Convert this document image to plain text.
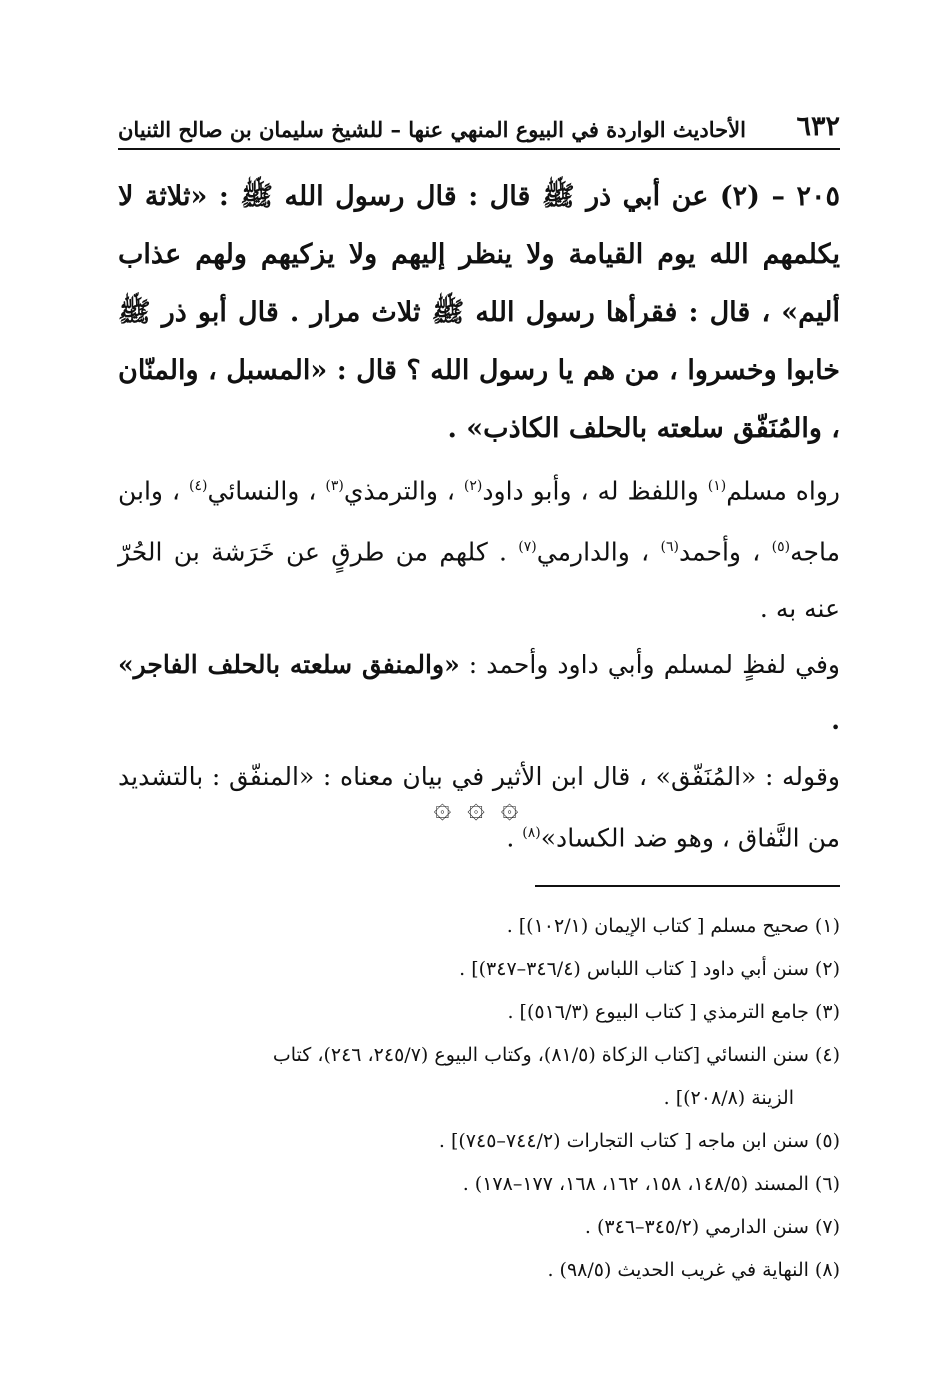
٦٣٢
الأحاديث الواردة في البيوع المنهي عنها – للشيخ سليمان بن صالح الثنيان

٢٠٥ – (٢) عن أبي ذر ﷺ قال : قال رسول الله ﷺ : «ثلاثة لا يكلمهم الله يوم القيامة ولا ينظر إليهم ولا يزكيهم ولهم عذاب أليم» ، قال : فقرأها رسول الله ﷺ ثلاث مرار . قال أبو ذر ﷺ خابوا وخسروا ، من هم يا رسول الله ؟ قال : «المسبل ، والمنّان ، والمُنَفّق سلعته بالحلف الكاذب» .

رواه مسلم$^{(١)}$ واللفظ له ، وأبو داود$^{(٢)}$ ، والترمذي$^{(٣)}$ ، والنسائي$^{(٤)}$ ، وابن ماجه$^{(٥)}$ ، وأحمد$^{(٦)}$ ، والدارمي$^{(٧)}$ . كلهم من طرقٍ عن خَرَشة بن الحُرّ عنه به .

وفي لفظٍ لمسلم وأبي داود وأحمد : «والمنفق سلعته بالحلف الفاجر» .

وقوله : «المُنَفّق» ، قال ابن الأثير في بيان معناه : «المنفّق : بالتشديد من النَّفاق ، وهو ضد الكساد»$^{(٨)}$ .

۞ ۞ ۞

(١) صحيح مسلم [ كتاب الإيمان (١٠٢/١)] .

(٢) سنن أبي داود [ كتاب اللباس (٣٤٦/٤–٣٤٧)] .

(٣) جامع الترمذي [ كتاب البيوع (٥١٦/٣)] .

(٤) سنن النسائي [كتاب الزكاة (٨١/٥)، وكتاب البيوع (٢٤٥/٧، ٢٤٦)، كتاب

الزينة (٢٠٨/٨)] .

(٥) سنن ابن ماجه [ كتاب التجارات (٧٤٤/٢–٧٤٥)] .

(٦) المسند (١٤٨/٥، ١٥٨، ١٦٢، ١٦٨، ١٧٧–١٧٨) .

(٧) سنن الدارمي (٣٤٥/٢–٣٤٦) .

(٨) النهاية في غريب الحديث (٩٨/٥) .
